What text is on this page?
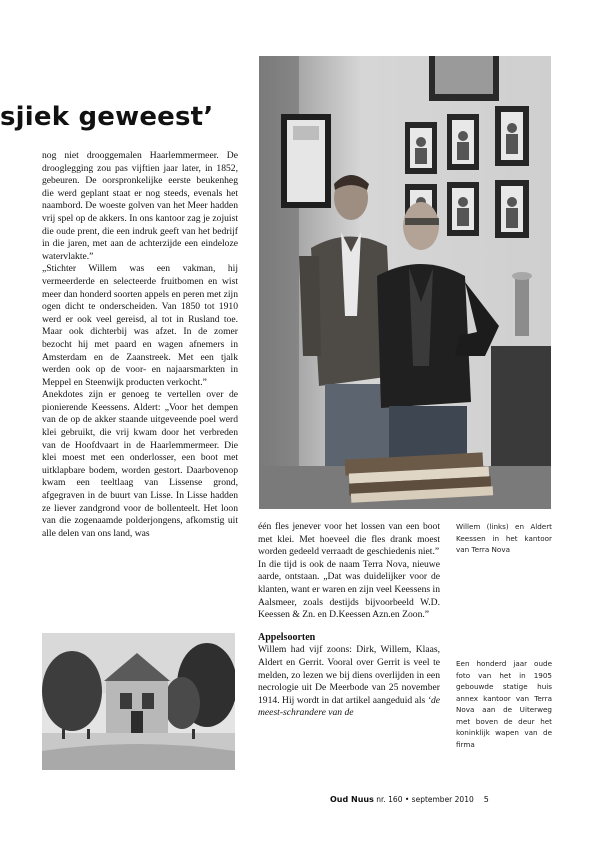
sjiek geweest’

nog niet drooggemalen Haarlemmermeer. De drooglegging zou pas vijftien jaar later, in 1852, gebeuren. De oorspronkelijke eerste beukenheg die werd geplant staat er nog steeds, evenals het naambord. De woeste golven van het Meer hadden vrij spel op de akkers. In ons kantoor zag je zojuist die oude prent, die een indruk geeft van het bedrijf in die jaren, met aan de achterzijde een eindeloze watervlakte.”

„Stichter Willem was een vakman, hij vermeerderde en selecteerde fruitbomen en wist meer dan honderd soorten appels en peren met zijn ogen dicht te onderscheiden. Van 1850 tot 1910 werd er ook veel gereisd, al tot in Rusland toe. Maar ook dichterbij was afzet. In de zomer bezocht hij met paard en wagen afnemers in Amsterdam en de Zaanstreek. Met een tjalk werden ook op de voor- en najaarsmarkten in Meppel en Steenwijk producten verkocht.”

Anekdotes zijn er genoeg te vertellen over de pionierende Keessens. Aldert: „Voor het dempen van de op de akker staande uitgeveende poel werd klei gebruikt, die vrij kwam door het verbreden van de Hoofdvaart in de Haarlemmermeer. Die klei moest met een onderlosser, een boot met uitklapbare bodem, worden gestort. Daarbovenop kwam een teeltlaag van Lissense grond, afgegraven in de buurt van Lisse. In Lisse hadden ze liever zandgrond voor de bollenteelt. Het loon van die zogenaamde polderjongens, afkomstig uit alle delen van ons land, was

één fles jenever voor het lossen van een boot met klei. Met hoeveel die fles drank moest worden gedeeld verraadt de geschiedenis niet.”

In die tijd is ook de naam Terra Nova, nieuwe aarde, ontstaan. „Dat was duidelijker voor de klanten, want er waren en zijn veel Keessens in Aalsmeer, zoals destijds bijvoorbeeld W.D. Keessen & Zn. en D.Keessen Azn.en Zoon.”

Appelsoorten

Willem had vijf zoons: Dirk, Willem, Klaas, Aldert en Gerrit. Vooral over Gerrit is veel te melden, zo lezen we bij diens overlijden in een necrologie uit De Meerbode van 25 november 1914. Hij wordt in dat artikel aangeduid als ‘de meest-schrandere van de

Willem (links) en Aldert Keessen in het kantoor van Terra Nova
Een honderd jaar oude foto van het in 1905 gebouwde statige huis annex kantoor van Terra Nova aan de Uiterweg met boven de deur het koninklijk wapen van de firma
Oud Nuus nr. 160 • september 2010 5
